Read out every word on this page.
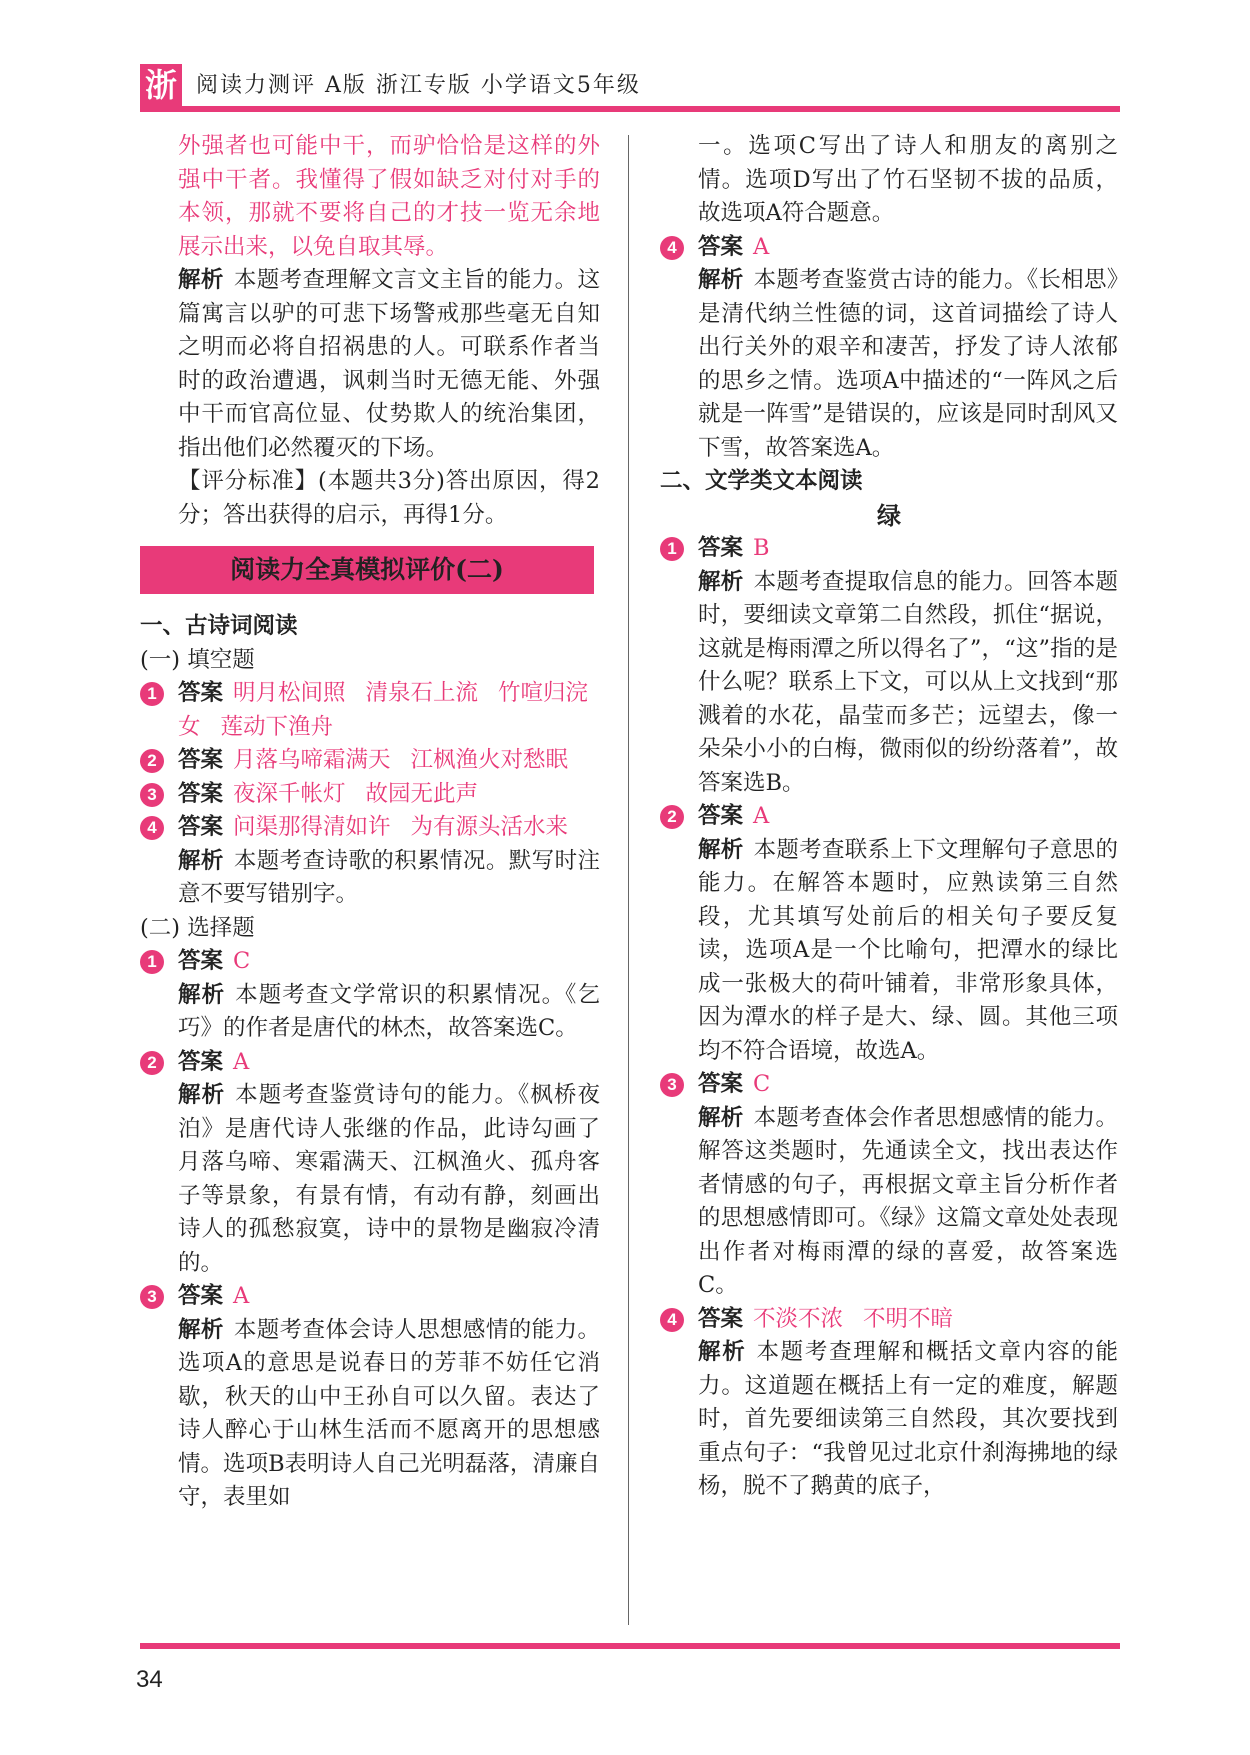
浙 阅读力测评 A版 浙江专版 小学语文5年级

外强者也可能中干，而驴恰恰是这样的外强中干者。我懂得了假如缺乏对付对手的本领，那就不要将自己的才技一览无余地展示出来，以免自取其辱。

解析 本题考查理解文言文主旨的能力。这篇寓言以驴的可悲下场警戒那些毫无自知之明而必将自招祸患的人。可联系作者当时的政治遭遇，讽刺当时无德无能、外强中干而官高位显、仗势欺人的统治集团，指出他们必然覆灭的下场。

【评分标准】(本题共3分)答出原因，得2分；答出获得的启示，再得1分。

阅读力全真模拟评价(二)

一、古诗词阅读

(一) 填空题

1 答案 明月松间照 清泉石上流 竹喧归浣女 莲动下渔舟
2 答案 月落乌啼霜满天 江枫渔火对愁眠
3 答案 夜深千帐灯 故园无此声
4 答案 问渠那得清如许 为有源头活水来

解析 本题考查诗歌的积累情况。默写时注意不要写错别字。

(二) 选择题

1 答案 C

解析 本题考查文学常识的积累情况。《乞巧》的作者是唐代的林杰，故答案选C。

2 答案 A

解析 本题考查鉴赏诗句的能力。《枫桥夜泊》是唐代诗人张继的作品，此诗勾画了月落乌啼、寒霜满天、江枫渔火、孤舟客子等景象，有景有情，有动有静，刻画出诗人的孤愁寂寞，诗中的景物是幽寂冷清的。

3 答案 A

解析 本题考查体会诗人思想感情的能力。选项A的意思是说春日的芳菲不妨任它消歇，秋天的山中王孙自可以久留。表达了诗人醉心于山林生活而不愿离开的思想感情。选项B表明诗人自己光明磊落，清廉自守，表里如

一。选项C写出了诗人和朋友的离别之情。选项D写出了竹石坚韧不拔的品质，故选项A符合题意。

4 答案 A

解析 本题考查鉴赏古诗的能力。《长相思》是清代纳兰性德的词，这首词描绘了诗人出行关外的艰辛和凄苦，抒发了诗人浓郁的思乡之情。选项A中描述的“一阵风之后就是一阵雪”是错误的，应该是同时刮风又下雪，故答案选A。

二、文学类文本阅读

绿

1 答案 B

解析 本题考查提取信息的能力。回答本题时，要细读文章第二自然段，抓住“据说，这就是梅雨潭之所以得名了”，“这”指的是什么呢？联系上下文，可以从上文找到“那溅着的水花，晶莹而多芒；远望去，像一朵朵小小的白梅，微雨似的纷纷落着”，故答案选B。

2 答案 A

解析 本题考查联系上下文理解句子意思的能力。在解答本题时，应熟读第三自然段，尤其填写处前后的相关句子要反复读，选项A是一个比喻句，把潭水的绿比成一张极大的荷叶铺着，非常形象具体，因为潭水的样子是大、绿、圆。其他三项均不符合语境，故选A。

3 答案 C

解析 本题考查体会作者思想感情的能力。解答这类题时，先通读全文，找出表达作者情感的句子，再根据文章主旨分析作者的思想感情即可。《绿》这篇文章处处表现出作者对梅雨潭的绿的喜爱，故答案选C。

4 答案 不淡不浓 不明不暗

解析 本题考查理解和概括文章内容的能力。这道题在概括上有一定的难度，解题时，首先要细读第三自然段，其次要找到重点句子：“我曾见过北京什刹海拂地的绿杨，脱不了鹅黄的底子，

34
